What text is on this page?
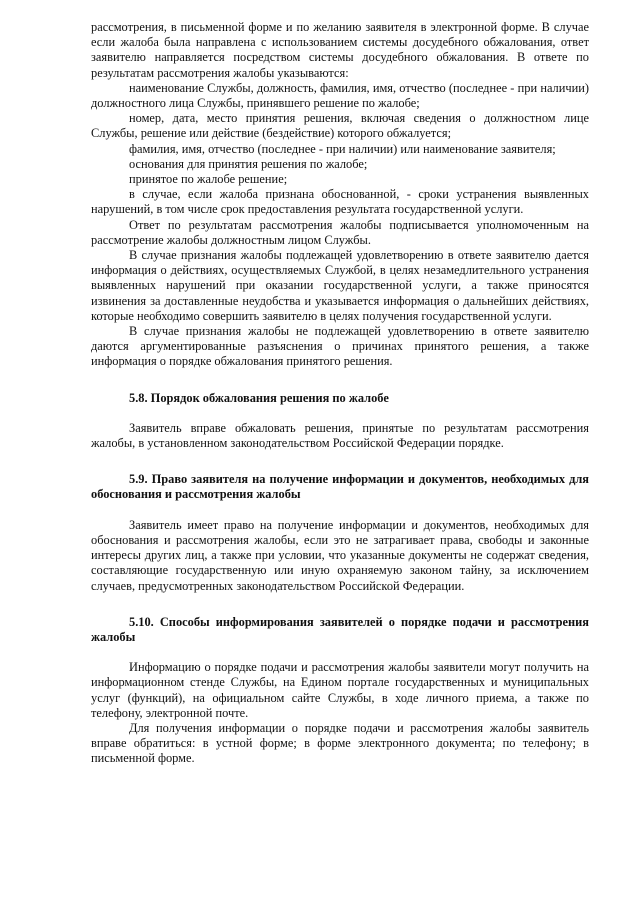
рассмотрения, в письменной форме и по желанию заявителя в электронной форме. В случае если жалоба была направлена с использованием системы досудебного обжалования, ответ заявителю направляется посредством системы досудебного обжалования. В ответе по результатам рассмотрения жалобы указываются:

наименование Службы, должность, фамилия, имя, отчество (последнее - при наличии) должностного лица Службы, принявшего решение по жалобе;

номер, дата, место принятия решения, включая сведения о должностном лице Службы, решение или действие (бездействие) которого обжалуется;

фамилия, имя, отчество (последнее - при наличии) или наименование заявителя;

основания для принятия решения по жалобе;

принятое по жалобе решение;

в случае, если жалоба признана обоснованной, - сроки устранения выявленных нарушений, в том числе срок предоставления результата государственной услуги.

Ответ по результатам рассмотрения жалобы подписывается уполномоченным на рассмотрение жалобы должностным лицом Службы.

В случае признания жалобы подлежащей удовлетворению в ответе заявителю дается информация о действиях, осуществляемых Службой, в целях незамедлительного устранения выявленных нарушений при оказании государственной услуги, а также приносятся извинения за доставленные неудобства и указывается информация о дальнейших действиях, которые необходимо совершить заявителю в целях получения государственной услуги.

В случае признания жалобы не подлежащей удовлетворению в ответе заявителю даются аргументированные разъяснения о причинах принятого решения, а также информация о порядке обжалования принятого решения.

5.8. Порядок обжалования решения по жалобе

Заявитель вправе обжаловать решения, принятые по результатам рассмотрения жалобы, в установленном законодательством Российской Федерации порядке.

5.9. Право заявителя на получение информации и документов, необходимых для обоснования и рассмотрения жалобы

Заявитель имеет право на получение информации и документов, необходимых для обоснования и рассмотрения жалобы, если это не затрагивает права, свободы и законные интересы других лиц, а также при условии, что указанные документы не содержат сведения, составляющие государственную или иную охраняемую законом тайну, за исключением случаев, предусмотренных законодательством Российской Федерации.

5.10. Способы информирования заявителей о порядке подачи и рассмотрения жалобы

Информацию о порядке подачи и рассмотрения жалобы заявители могут получить на информационном стенде Службы, на Едином портале государственных и муниципальных услуг (функций), на официальном сайте Службы, в ходе личного приема, а также по телефону, электронной почте.

Для получения информации о порядке подачи и рассмотрения жалобы заявитель вправе обратиться: в устной форме; в форме электронного документа; по телефону; в письменной форме.
